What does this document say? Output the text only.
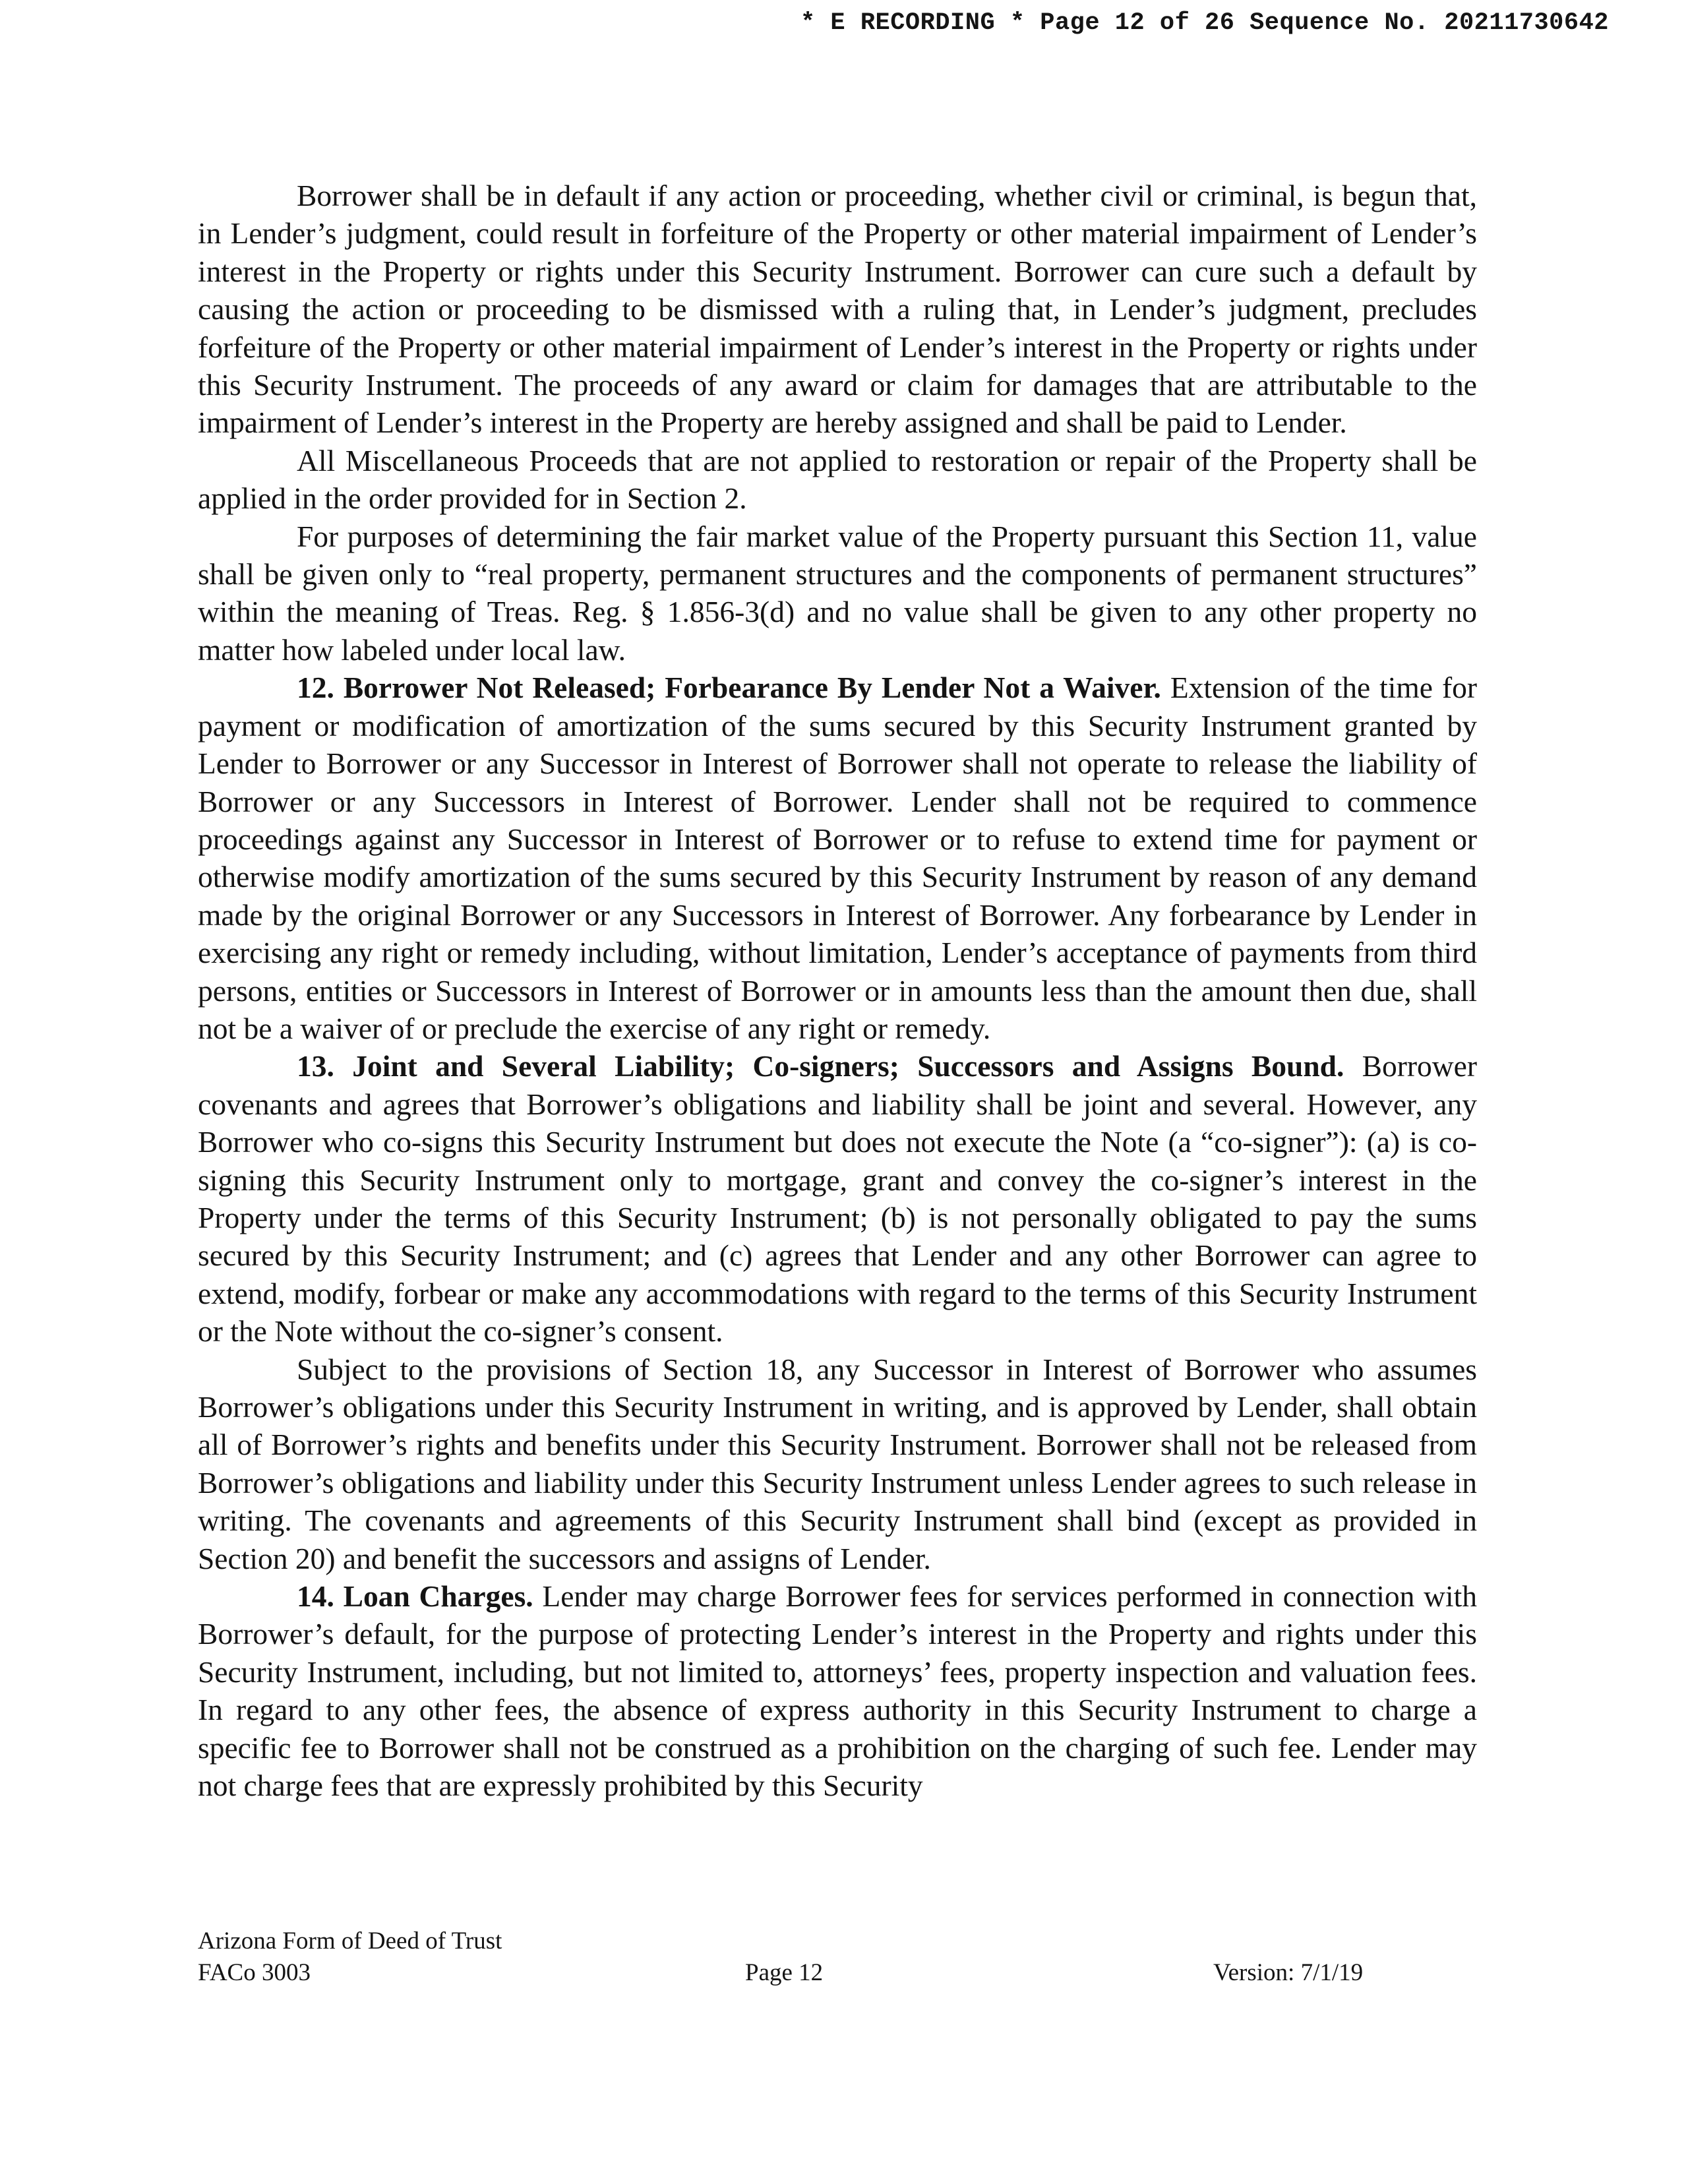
* E RECORDING * Page 12 of 26 Sequence No. 20211730642

Borrower shall be in default if any action or proceeding, whether civil or criminal, is begun that, in Lender’s judgment, could result in forfeiture of the Property or other material impairment of Lender’s interest in the Property or rights under this Security Instrument. Borrower can cure such a default by causing the action or proceeding to be dismissed with a ruling that, in Lender’s judgment, precludes forfeiture of the Property or other material impairment of Lender’s interest in the Property or rights under this Security Instrument. The proceeds of any award or claim for damages that are attributable to the impairment of Lender’s interest in the Property are hereby assigned and shall be paid to Lender.

All Miscellaneous Proceeds that are not applied to restoration or repair of the Property shall be applied in the order provided for in Section 2.

For purposes of determining the fair market value of the Property pursuant this Section 11, value shall be given only to “real property, permanent structures and the components of permanent structures” within the meaning of Treas. Reg. § 1.856-3(d) and no value shall be given to any other property no matter how labeled under local law.

12. Borrower Not Released; Forbearance By Lender Not a Waiver. Extension of the time for payment or modification of amortization of the sums secured by this Security Instrument granted by Lender to Borrower or any Successor in Interest of Borrower shall not operate to release the liability of Borrower or any Successors in Interest of Borrower. Lender shall not be required to commence proceedings against any Successor in Interest of Borrower or to refuse to extend time for payment or otherwise modify amortization of the sums secured by this Security Instrument by reason of any demand made by the original Borrower or any Successors in Interest of Borrower. Any forbearance by Lender in exercising any right or remedy including, without limitation, Lender’s acceptance of payments from third persons, entities or Successors in Interest of Borrower or in amounts less than the amount then due, shall not be a waiver of or preclude the exercise of any right or remedy.

13. Joint and Several Liability; Co-signers; Successors and Assigns Bound. Borrower covenants and agrees that Borrower’s obligations and liability shall be joint and several. However, any Borrower who co-signs this Security Instrument but does not execute the Note (a “co-signer”): (a) is co-signing this Security Instrument only to mortgage, grant and convey the co-signer’s interest in the Property under the terms of this Security Instrument; (b) is not personally obligated to pay the sums secured by this Security Instrument; and (c) agrees that Lender and any other Borrower can agree to extend, modify, forbear or make any accommodations with regard to the terms of this Security Instrument or the Note without the co-signer’s consent.

Subject to the provisions of Section 18, any Successor in Interest of Borrower who assumes Borrower’s obligations under this Security Instrument in writing, and is approved by Lender, shall obtain all of Borrower’s rights and benefits under this Security Instrument. Borrower shall not be released from Borrower’s obligations and liability under this Security Instrument unless Lender agrees to such release in writing. The covenants and agreements of this Security Instrument shall bind (except as provided in Section 20) and benefit the successors and assigns of Lender.

14. Loan Charges. Lender may charge Borrower fees for services performed in connection with Borrower’s default, for the purpose of protecting Lender’s interest in the Property and rights under this Security Instrument, including, but not limited to, attorneys’ fees, property inspection and valuation fees. In regard to any other fees, the absence of express authority in this Security Instrument to charge a specific fee to Borrower shall not be construed as a prohibition on the charging of such fee. Lender may not charge fees that are expressly prohibited by this Security

Arizona Form of Deed of Trust
FACo 3003	Page 12	Version: 7/1/19
